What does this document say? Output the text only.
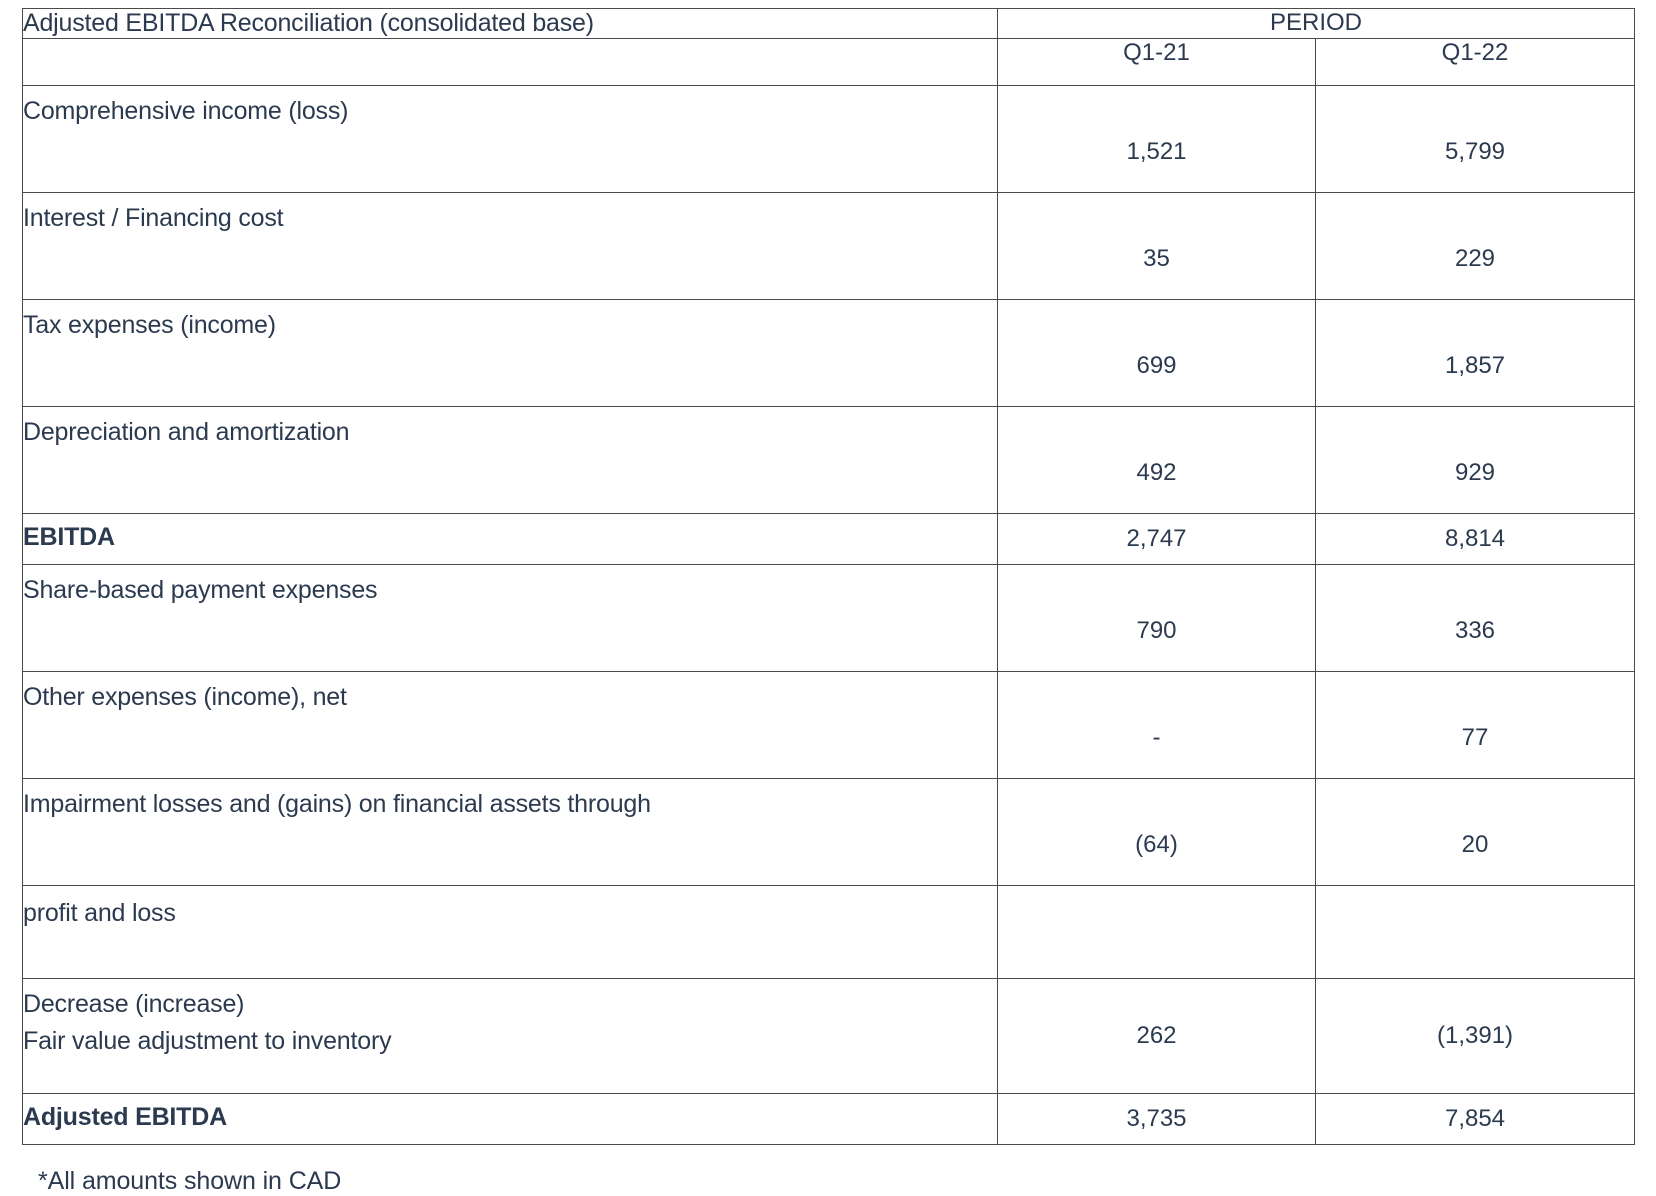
Adjusted EBITDA Reconciliation (consolidated base)	PERIOD	
	Q1-21	Q1-22
Comprehensive income (loss)	1,521	5,799
Interest / Financing cost	35	229
Tax expenses (income)	699	1,857
Depreciation and amortization	492	929
EBITDA	2,747	8,814
Share-based payment expenses	790	336
Other expenses (income), net	-	77
Impairment losses and (gains) on financial assets through	(64)	20
profit and loss		

Decrease (increase)
Fair value adjustment to inventory	262	(1,391)
Adjusted EBITDA	3,735	7,854
*All amounts shown in CAD
